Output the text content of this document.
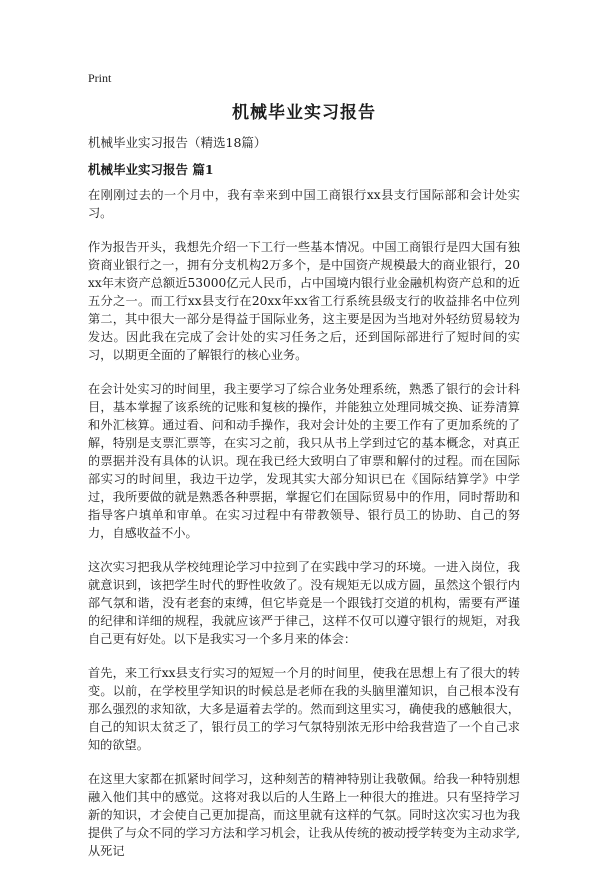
Print
机械毕业实习报告
机械毕业实习报告（精选18篇）
机械毕业实习报告 篇1

在刚刚过去的一个月中，我有幸来到中国工商银行xx县支行国际部和会计处实习。

作为报告开头，我想先介绍一下工行一些基本情况。中国工商银行是四大国有独资商业银行之一，拥有分支机构2万多个，是中国资产规模最大的商业银行，20xx年末资产总额近53000亿元人民币，占中国境内银行业金融机构资产总和的近五分之一。而工行xx县支行在20xx年xx省工行系统县级支行的收益排名中位列第二，其中很大一部分是得益于国际业务，这主要是因为当地对外轻纺贸易较为发达。因此我在完成了会计处的实习任务之后，还到国际部进行了短时间的实习，以期更全面的了解银行的核心业务。

在会计处实习的时间里，我主要学习了综合业务处理系统，熟悉了银行的会计科目，基本掌握了该系统的记账和复核的操作，并能独立处理同城交换、证券清算和外汇核算。通过看、问和动手操作，我对会计处的主要工作有了更加系统的了解，特别是支票汇票等，在实习之前，我只从书上学到过它的基本概念，对真正的票据并没有具体的认识。现在我已经大致明白了审票和解付的过程。而在国际部实习的时间里，我边干边学，发现其实大部分知识已在《国际结算学》中学过，我所要做的就是熟悉各种票据，掌握它们在国际贸易中的作用，同时帮助和指导客户填单和审单。在实习过程中有带教领导、银行员工的协助、自己的努力，自感收益不小。

这次实习把我从学校纯理论学习中拉到了在实践中学习的环境。一进入岗位，我就意识到，该把学生时代的野性收敛了。没有规矩无以成方圆，虽然这个银行内部气氛和谐，没有老套的束缚，但它毕竟是一个跟钱打交道的机构，需要有严谨的纪律和详细的规程，我就应该严于律己，这样不仅可以遵守银行的规矩，对我自己更有好处。以下是我实习一个多月来的体会：

首先，来工行xx县支行实习的短短一个月的时间里，使我在思想上有了很大的转变。以前，在学校里学知识的时候总是老师在我的头脑里灌知识，自己根本没有那么强烈的求知欲，大多是逼着去学的。然而到这里实习，确使我的感触很大，自己的知识太贫乏了，银行员工的学习气氛特别浓无形中给我营造了一个自己求知的欲望。

在这里大家都在抓紧时间学习，这种刻苦的精神特别让我敬佩。给我一种特别想融入他们其中的感觉。这将对我以后的人生路上一种很大的推进。只有坚持学习新的知识，才会使自己更加提高，而这里就有这样的气氛。同时这次实习也为我提供了与众不同的学习方法和学习机会，让我从传统的被动授学转变为主动求学,从死记
